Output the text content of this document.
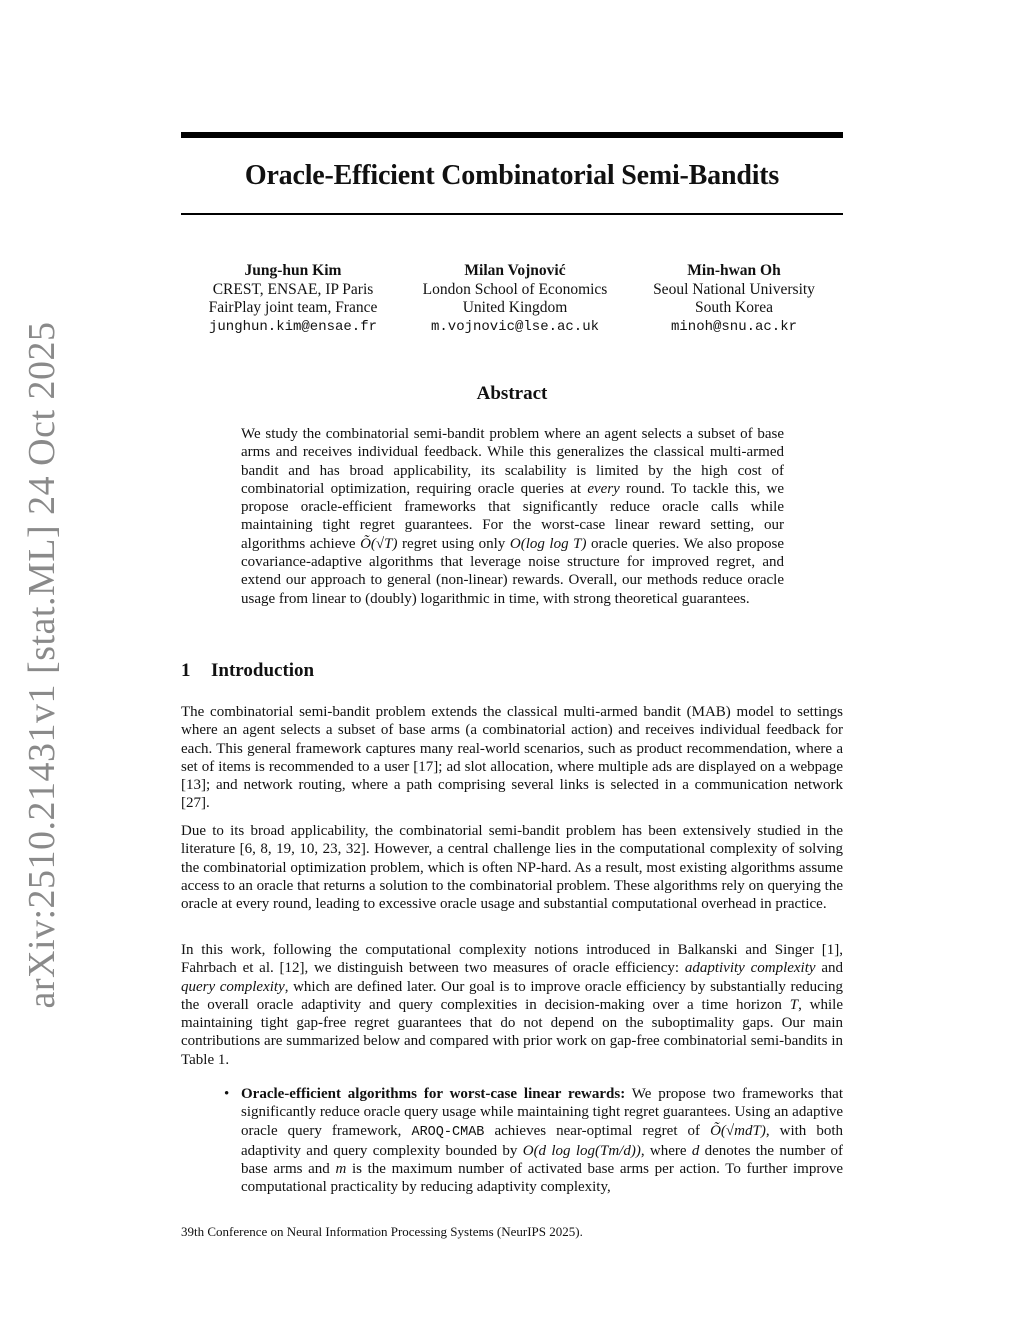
arXiv:2510.21431v1 [stat.ML] 24 Oct 2025
Oracle-Efficient Combinatorial Semi-Bandits
Jung-hun Kim
CREST, ENSAE, IP Paris
FairPlay joint team, France
junghun.kim@ensae.fr
Milan Vojnović
London School of Economics
United Kingdom
m.vojnovic@lse.ac.uk
Min-hwan Oh
Seoul National University
South Korea
minoh@snu.ac.kr
Abstract

We study the combinatorial semi-bandit problem where an agent selects a subset of base arms and receives individual feedback. While this generalizes the classical multi-armed bandit and has broad applicability, its scalability is limited by the high cost of combinatorial optimization, requiring oracle queries at every round. To tackle this, we propose oracle-efficient frameworks that significantly reduce oracle calls while maintaining tight regret guarantees. For the worst-case linear reward setting, our algorithms achieve Õ(√T) regret using only O(log log T) oracle queries. We also propose covariance-adaptive algorithms that leverage noise structure for improved regret, and extend our approach to general (non-linear) rewards. Overall, our methods reduce oracle usage from linear to (doubly) logarithmic in time, with strong theoretical guarantees.

1 Introduction

The combinatorial semi-bandit problem extends the classical multi-armed bandit (MAB) model to settings where an agent selects a subset of base arms (a combinatorial action) and receives individual feedback for each. This general framework captures many real-world scenarios, such as product recommendation, where a set of items is recommended to a user [17]; ad slot allocation, where multiple ads are displayed on a webpage [13]; and network routing, where a path comprising several links is selected in a communication network [27].

Due to its broad applicability, the combinatorial semi-bandit problem has been extensively studied in the literature [6, 8, 19, 10, 23, 32]. However, a central challenge lies in the computational complexity of solving the combinatorial optimization problem, which is often NP-hard. As a result, most existing algorithms assume access to an oracle that returns a solution to the combinatorial problem. These algorithms rely on querying the oracle at every round, leading to excessive oracle usage and substantial computational overhead in practice.

In this work, following the computational complexity notions introduced in Balkanski and Singer [1], Fahrbach et al. [12], we distinguish between two measures of oracle efficiency: adaptivity complexity and query complexity, which are defined later. Our goal is to improve oracle efficiency by substantially reducing the overall oracle adaptivity and query complexities in decision-making over a time horizon T, while maintaining tight gap-free regret guarantees that do not depend on the suboptimality gaps. Our main contributions are summarized below and compared with prior work on gap-free combinatorial semi-bandits in Table 1.

• Oracle-efficient algorithms for worst-case linear rewards: We propose two frameworks that significantly reduce oracle query usage while maintaining tight regret guarantees. Using an adaptive oracle query framework, AROQ-CMAB achieves near-optimal regret of Õ(√mdT), with both adaptivity and query complexity bounded by O(d log log(Tm/d)), where d denotes the number of base arms and m is the maximum number of activated base arms per action. To further improve computational practicality by reducing adaptivity complexity,

39th Conference on Neural Information Processing Systems (NeurIPS 2025).
